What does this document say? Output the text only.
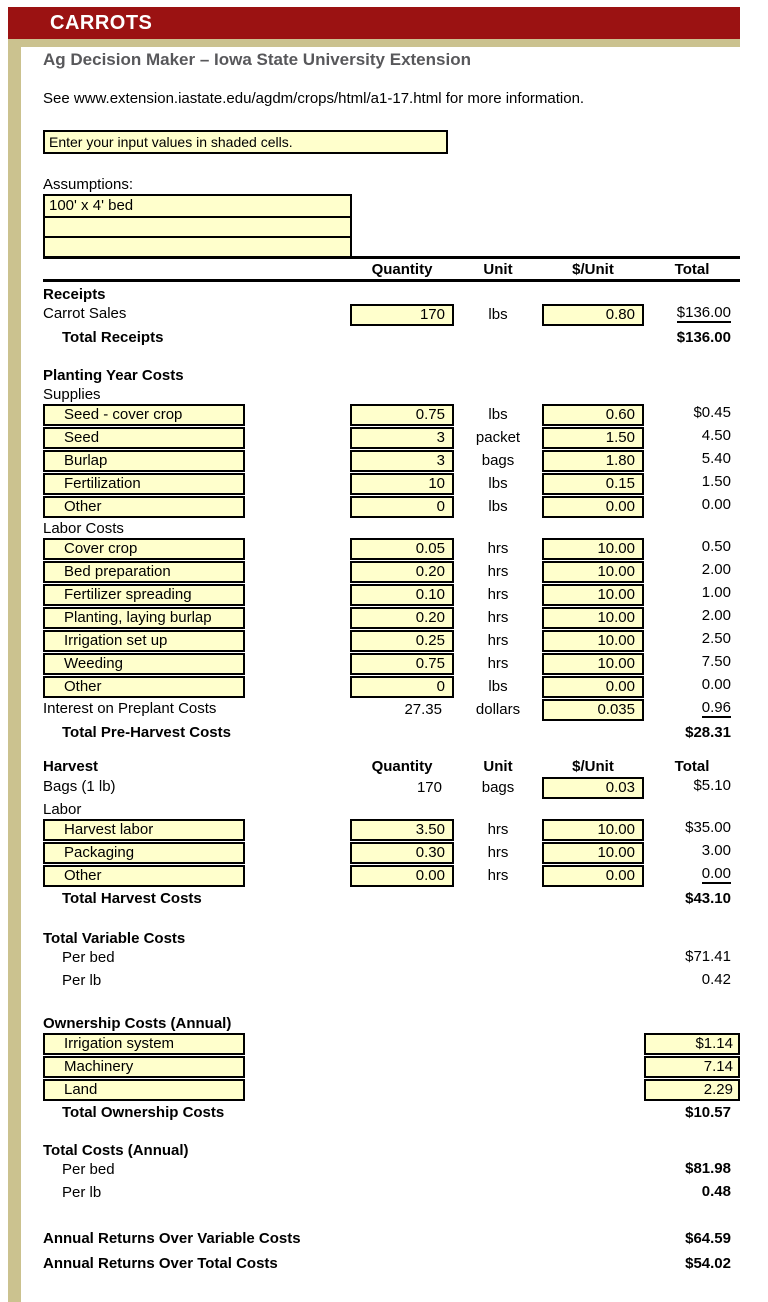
CARROTS
Ag Decision Maker – Iowa State University Extension
See www.extension.iastate.edu/agdm/crops/html/a1-17.html for more information.
Enter your input values in shaded cells.
Assumptions:
100' x 4' bed
Quantity	Unit	$/Unit	Total
Receipts
Carrot Sales	170	lbs	0.80	$136.00
Total Receipts	$136.00
Planting Year Costs
Supplies
Seed - cover crop	0.75	lbs	0.60	$0.45
Seed	3	packet	1.50	4.50
Burlap	3	bags	1.80	5.40
Fertilization	10	lbs	0.15	1.50
Other	0	lbs	0.00	0.00
Labor Costs
Cover crop	0.05	hrs	10.00	0.50
Bed preparation	0.20	hrs	10.00	2.00
Fertilizer spreading	0.10	hrs	10.00	1.00
Planting, laying burlap	0.20	hrs	10.00	2.00
Irrigation set up	0.25	hrs	10.00	2.50
Weeding	0.75	hrs	10.00	7.50
Other	0	lbs	0.00	0.00
Interest on Preplant Costs	27.35	dollars	0.035	0.96
Total Pre-Harvest Costs	$28.31
Harvest	Quantity	Unit	$/Unit	Total
Bags (1 lb)	170	bags	0.03	$5.10
Labor
Harvest labor	3.50	hrs	10.00	$35.00
Packaging	0.30	hrs	10.00	3.00
Other	0.00	hrs	0.00	0.00
Total Harvest Costs	$43.10
Total Variable Costs
Per bed	$71.41
Per lb	0.42
Ownership Costs (Annual)
Irrigation system	$1.14
Machinery	7.14
Land	2.29
Total Ownership Costs	$10.57
Total Costs (Annual)
Per bed	$81.98
Per lb	0.48
Annual Returns Over Variable Costs	$64.59
Annual Returns Over Total Costs	$54.02
